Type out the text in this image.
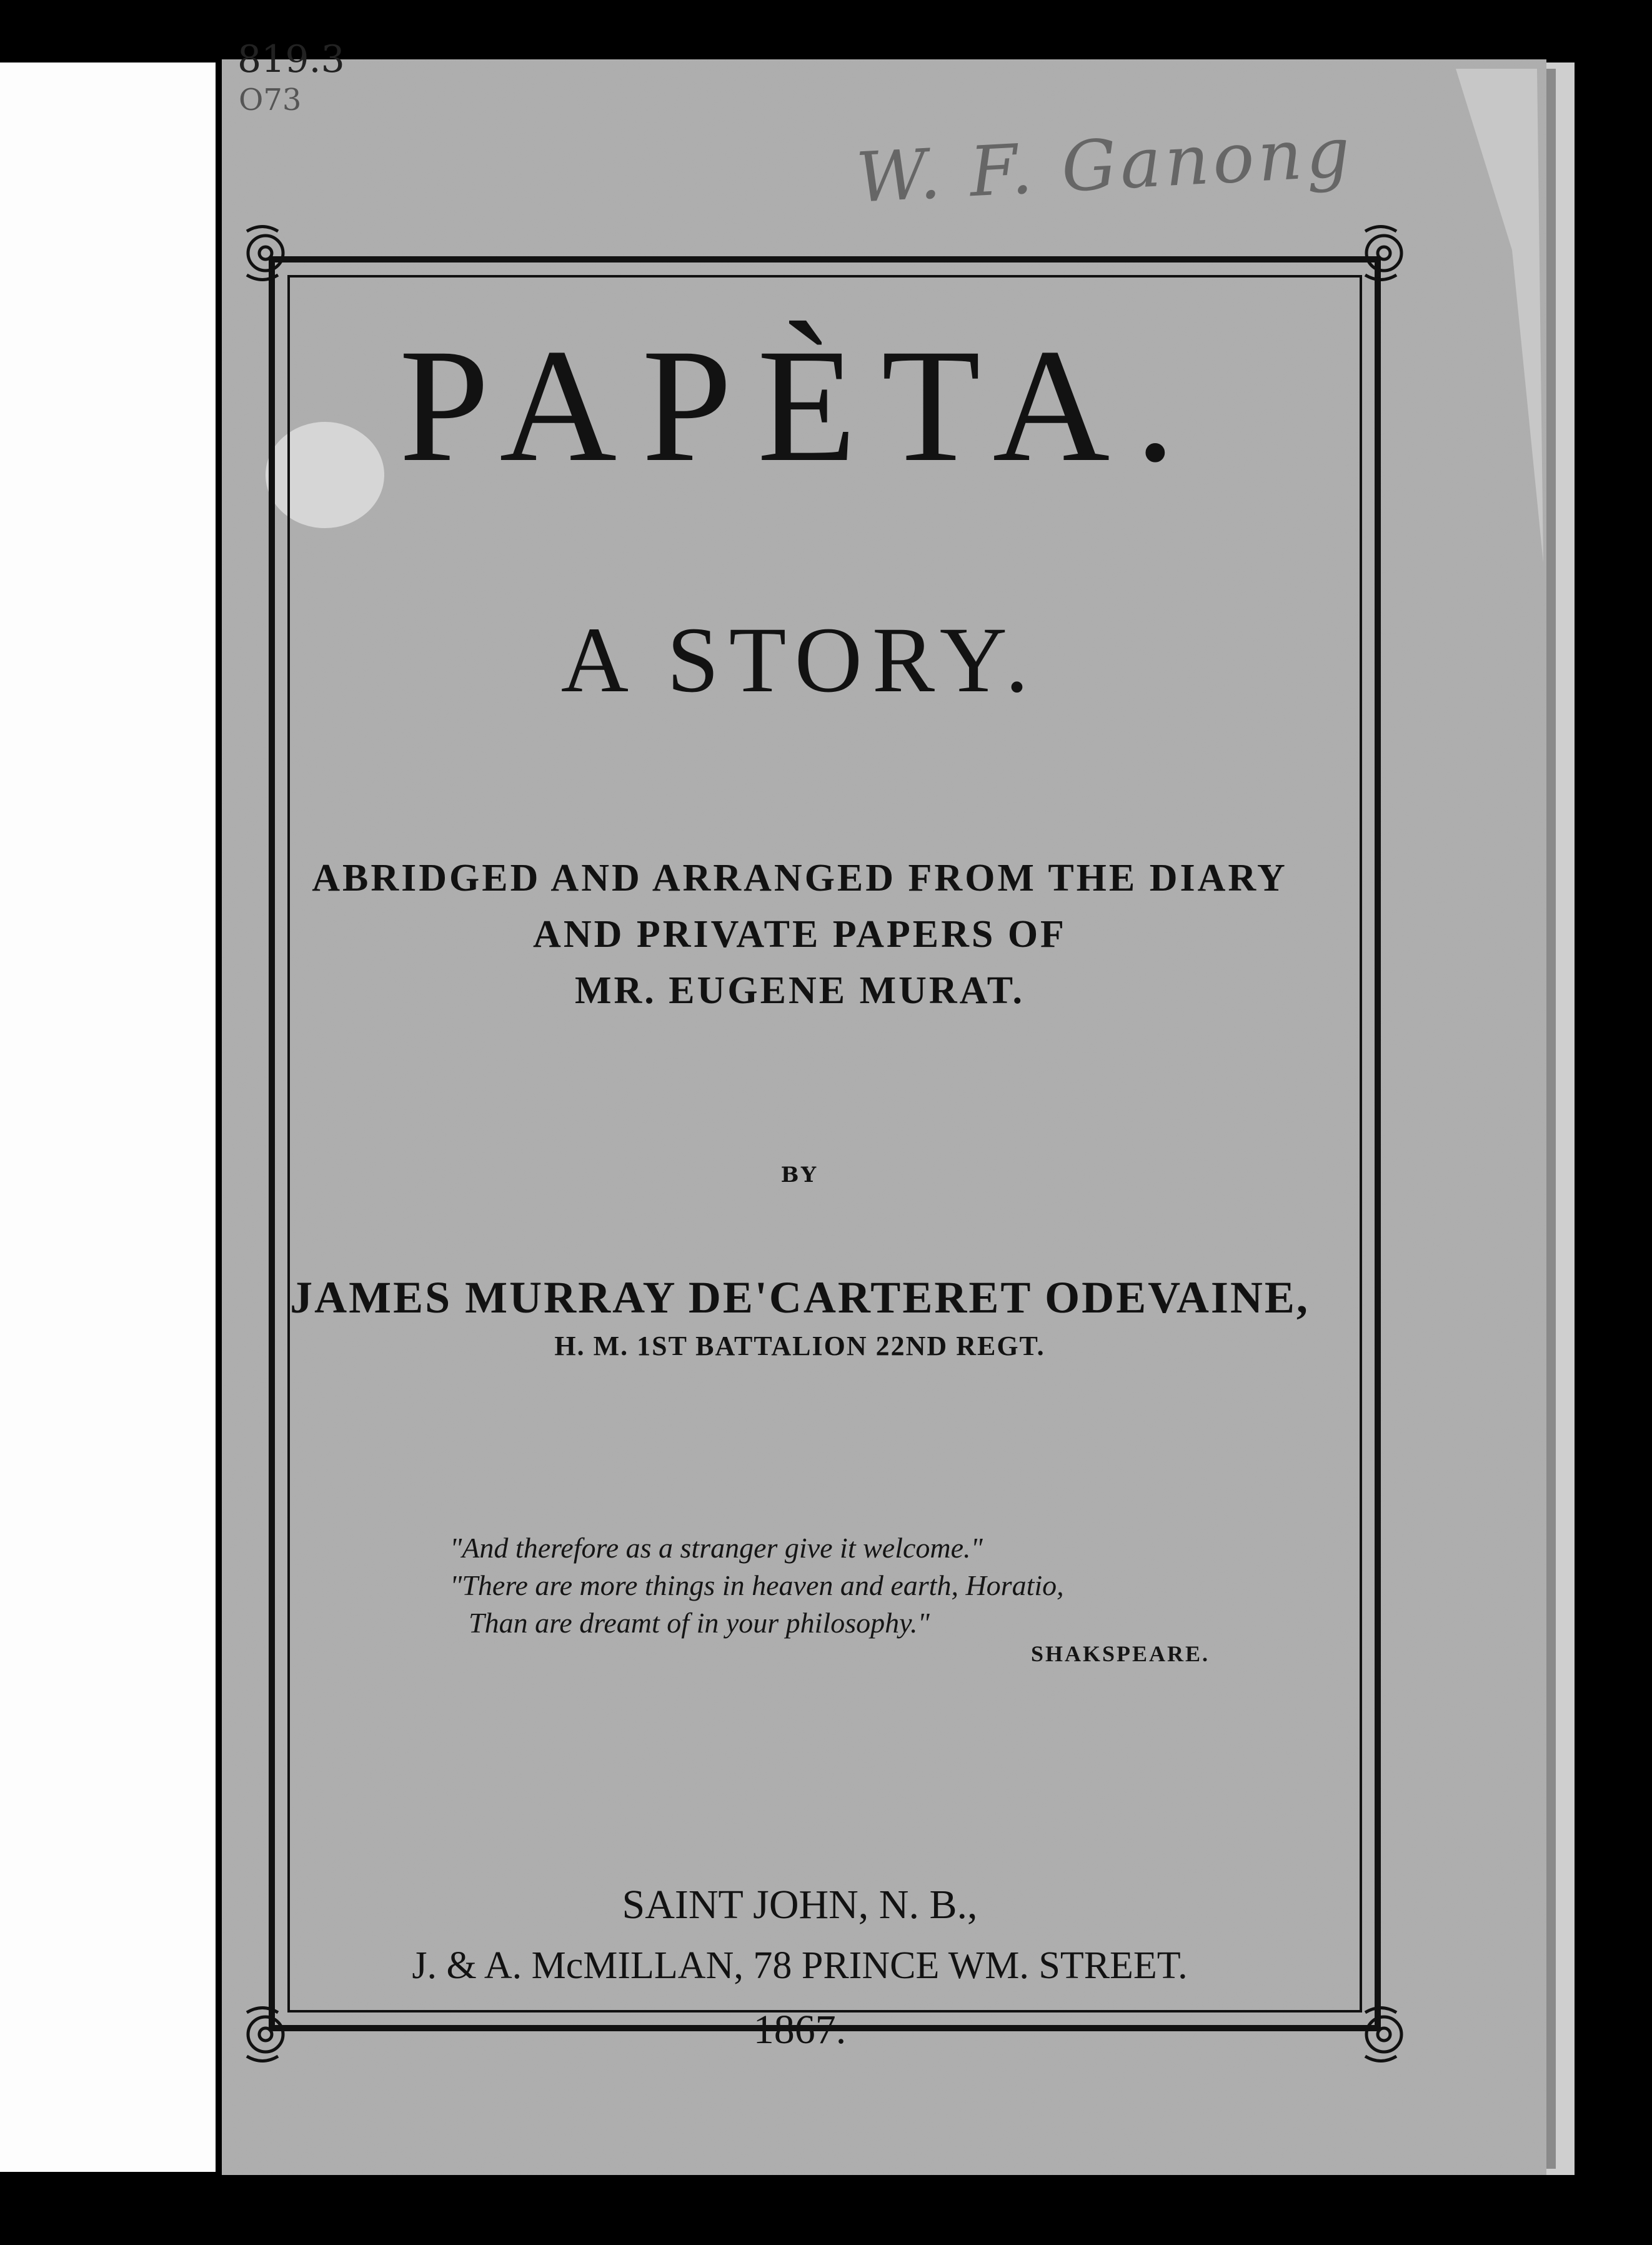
819.3
O73
W. F. Ganong
PAPÈTA.
A STORY.
ABRIDGED AND ARRANGED FROM THE DIARY
AND PRIVATE PAPERS OF
MR. EUGENE MURAT.
BY
JAMES MURRAY DE'CARTERET ODEVAINE,
H. M. 1ST BATTALION 22ND REGT.
"And therefore as a stranger give it welcome."
"There are more things in heaven and earth, Horatio,
Than are dreamt of in your philosophy."
SHAKSPEARE.
SAINT JOHN, N. B.,
J. & A. McMILLAN, 78 PRINCE WM. STREET.
1867.
